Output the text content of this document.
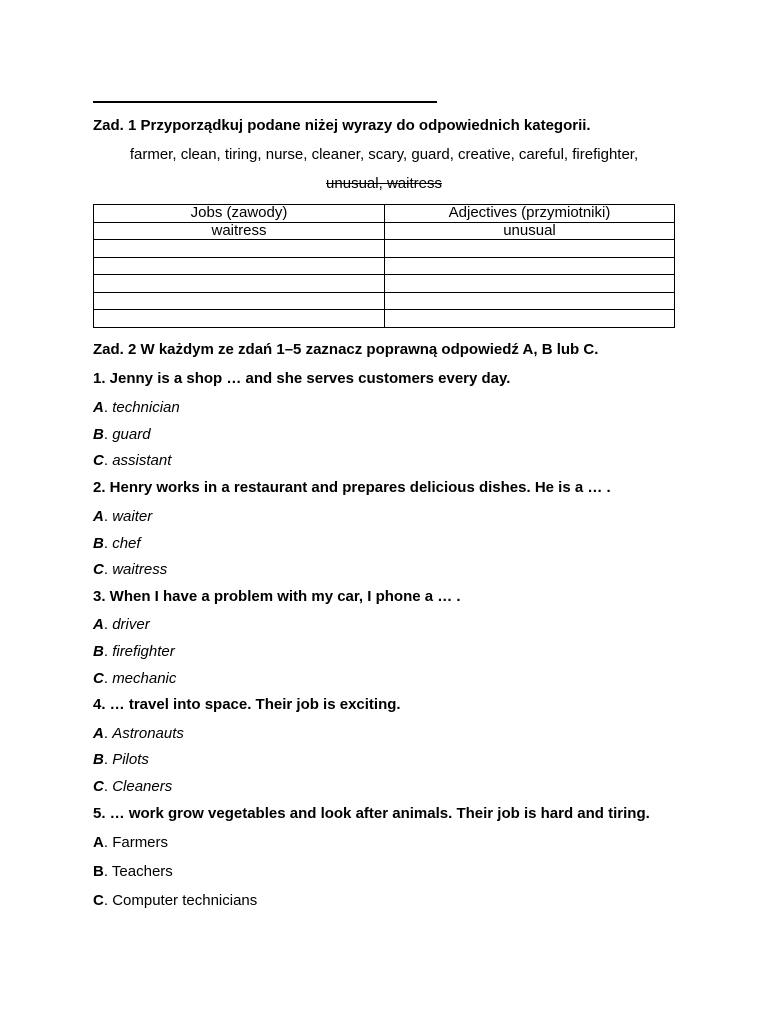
Zad. 1 Przyporządkuj podane niżej wyrazy do odpowiednich kategorii.
farmer, clean, tiring, nurse, cleaner, scary, guard, creative, careful, firefighter,
unusual, waitress
Jobs (zawody)	Adjectives (przymiotniki)
waitress	unusual

Zad. 2 W każdym ze zdań 1–5 zaznacz poprawną odpowiedź A, B lub C.
1. Jenny is a shop … and she serves customers every day.
A. technician
B. guard
C. assistant
2. Henry works in a restaurant and prepares delicious dishes. He is a … .
A. waiter
B. chef
C. waitress
3. When I have a problem with my car, I phone a … .
A. driver
B. firefighter
C. mechanic
4. … travel into space. Their job is exciting.
A. Astronauts
B. Pilots
C. Cleaners
5. … work grow vegetables and look after animals. Their job is hard and tiring.
A. Farmers
B. Teachers
C. Computer technicians
